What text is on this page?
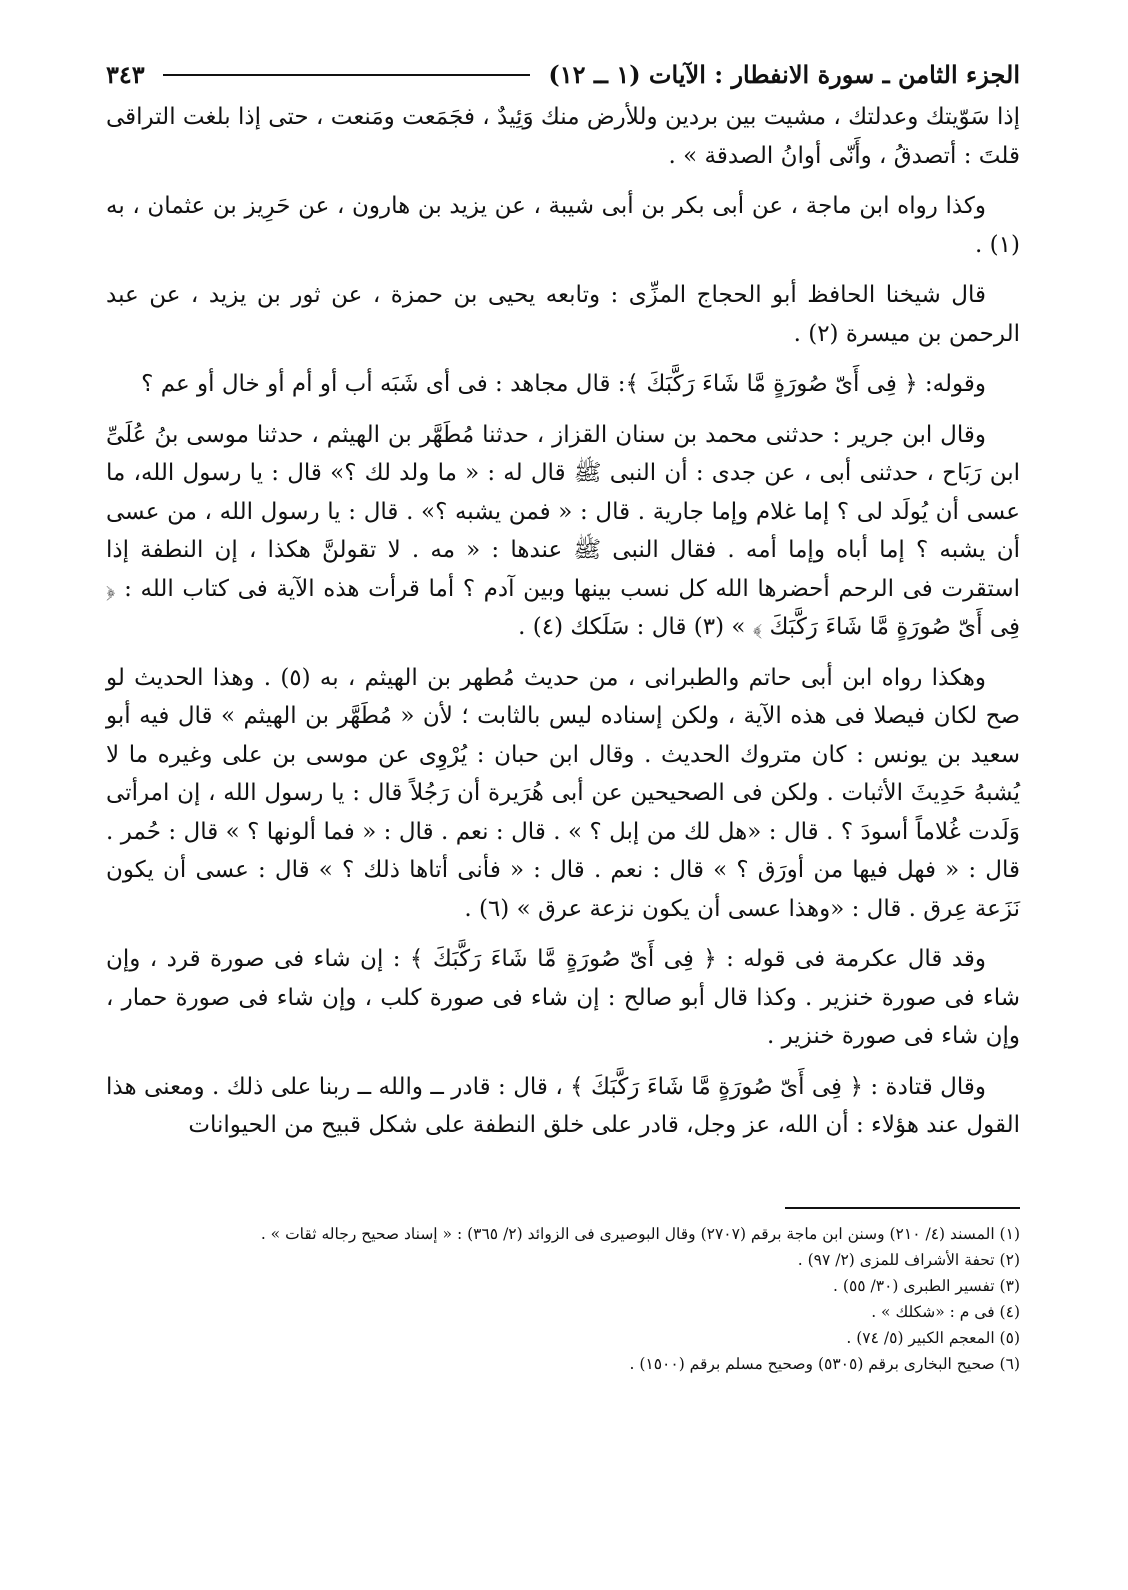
الجزء الثامن ـ سورة الانفطار : الآيات (١ ــ ١٢)
٣٤٣

إذا سَوّيتك وعدلتك ، مشيت بين بردين وللأرض منك وَئِيدٌ ، فجَمَعت ومَنعت ، حتى إذا بلغت التراقى قلتَ : أتصدقُ ، وأَنّى أوانُ الصدقة » .

وكذا رواه ابن ماجة ، عن أبى بكر بن أبى شيبة ، عن يزيد بن هارون ، عن حَرِيز بن عثمان ، به (١) .

قال شيخنا الحافظ أبو الحجاج المزِّى : وتابعه يحيى بن حمزة ، عن ثور بن يزيد ، عن عبد الرحمن بن ميسرة (٢) .

وقوله: ﴿ فِى أَىّ صُورَةٍ مَّا شَاءَ رَكَّبَكَ ﴾: قال مجاهد : فى أى شَبَه أب أو أم أو خال أو عم ؟

وقال ابن جرير : حدثنى محمد بن سنان القزاز ، حدثنا مُطَهَّر بن الهيثم ، حدثنا موسى بنُ عُلَىِّ ابن رَبَاح ، حدثنى أبى ، عن جدى : أن النبى ﷺ قال له : « ما ولد لك ؟» قال : يا رسول الله، ما عسى أن يُولَد لى ؟ إما غلام وإما جارية . قال : « فمن يشبه ؟» . قال : يا رسول الله ، من عسى أن يشبه ؟ إما أباه وإما أمه . فقال النبى ﷺ عندها : « مه . لا تقولنَّ هكذا ، إن النطفة إذا استقرت فى الرحم أحضرها الله كل نسب بينها وبين آدم ؟ أما قرأت هذه الآية فى كتاب الله : ﴿ فِى أَىّ صُورَةٍ مَّا شَاءَ رَكَّبَكَ ﴾ » (٣) قال : سَلَكك (٤) .

وهكذا رواه ابن أبى حاتم والطبرانى ، من حديث مُطهر بن الهيثم ، به (٥) . وهذا الحديث لو صح لكان فيصلا فى هذه الآية ، ولكن إسناده ليس بالثابت ؛ لأن « مُطَهَّر بن الهيثم » قال فيه أبو سعيد بن يونس : كان متروك الحديث . وقال ابن حبان : يُرْوِى عن موسى بن على وغيره ما لا يُشبهُ حَدِيثَ الأثبات . ولكن فى الصحيحين عن أبى هُرَيرة أن رَجُلاً قال : يا رسول الله ، إن امرأتى وَلَدت غُلاماً أسودَ ؟ . قال : «هل لك من إبل ؟ » . قال : نعم . قال : « فما ألونها ؟ » قال : حُمر . قال : « فهل فيها من أورَق ؟ » قال : نعم . قال : « فأنى أتاها ذلك ؟ » قال : عسى أن يكون نَزَعة عِرق . قال : «وهذا عسى أن يكون نزعة عرق » (٦) .

وقد قال عكرمة فى قوله : ﴿ فِى أَىّ صُورَةٍ مَّا شَاءَ رَكَّبَكَ ﴾ : إن شاء فى صورة قرد ، وإن شاء فى صورة خنزير . وكذا قال أبو صالح : إن شاء فى صورة كلب ، وإن شاء فى صورة حمار ، وإن شاء فى صورة خنزير .

وقال قتادة : ﴿ فِى أَىّ صُورَةٍ مَّا شَاءَ رَكَّبَكَ ﴾ ، قال : قادر ــ والله ــ ربنا على ذلك . ومعنى هذا القول عند هؤلاء : أن الله، عز وجل، قادر على خلق النطفة على شكل قبيح من الحيوانات

(١) المسند (٤/ ٢١٠) وسنن ابن ماجة برقم (٢٧٠٧) وقال البوصيرى فى الزوائد (٢/ ٣٦٥) : « إسناد صحيح رجاله ثقات » .
(٢) تحفة الأشراف للمزى (٢/ ٩٧) .
(٣) تفسير الطبرى (٣٠/ ٥٥) .
(٤) فى م : «شكلك » .
(٥) المعجم الكبير (٥/ ٧٤) .
(٦) صحيح البخارى برقم (٥٣٠٥) وصحيح مسلم برقم (١٥٠٠) .
